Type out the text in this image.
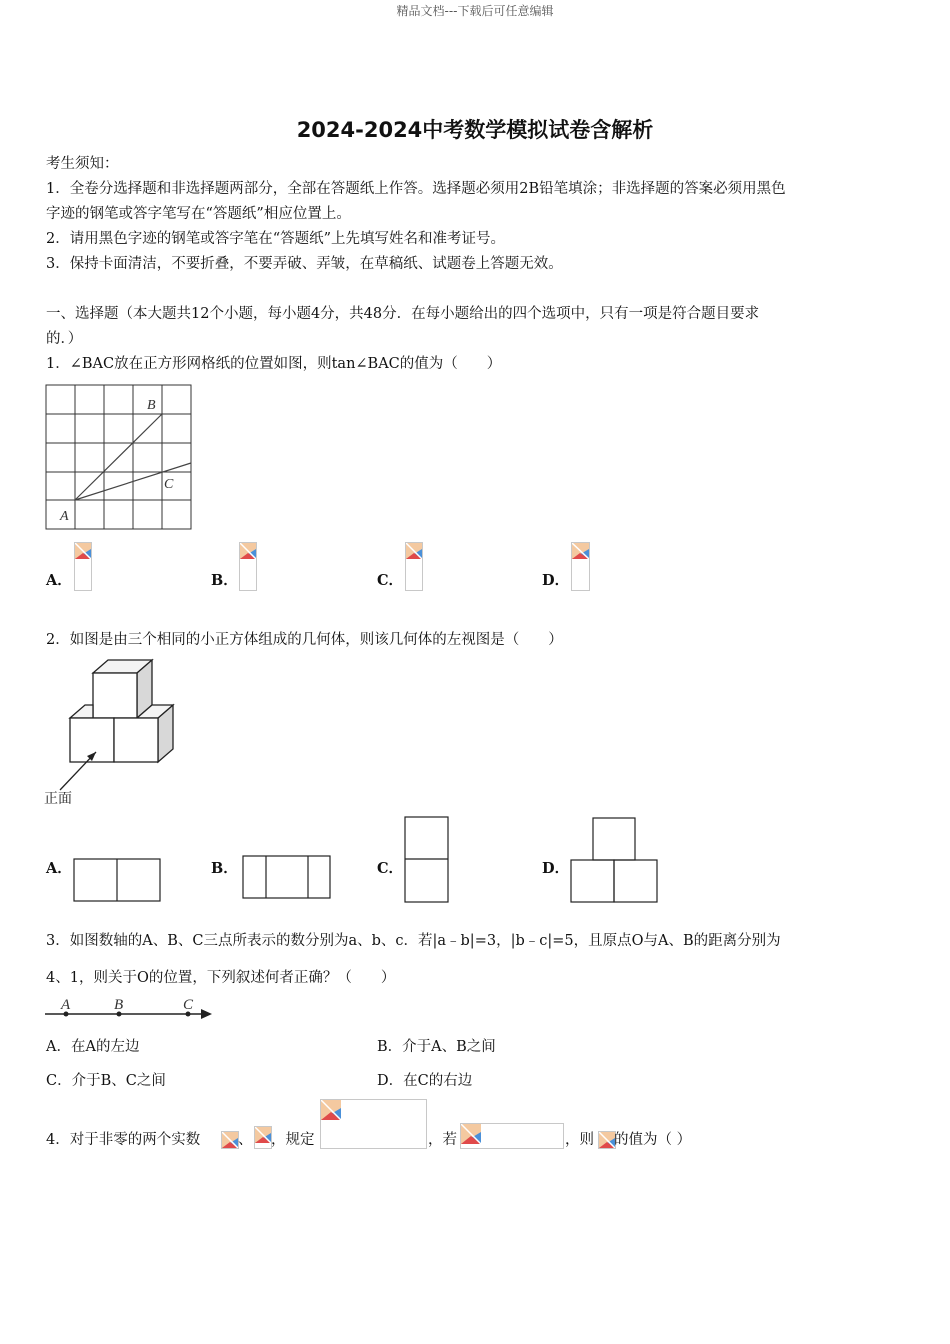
精品文档---下载后可任意编辑
2024-2024中考数学模拟试卷含解析
考生须知：
1．全卷分选择题和非选择题两部分，全部在答题纸上作答。选择题必须用2B铅笔填涂；非选择题的答案必须用黑色
字迹的钢笔或答字笔写在“答题纸”相应位置上。
2．请用黑色字迹的钢笔或答字笔在“答题纸”上先填写姓名和准考证号。
3．保持卡面清洁，不要折叠，不要弄破、弄皱，在草稿纸、试题卷上答题无效。
一、选择题（本大题共12个小题，每小题4分，共48分．在每小题给出的四个选项中，只有一项是符合题目要求
的．）
1．∠BAC放在正方形网格纸的位置如图，则tan∠BAC的值为（　　）
A
B
C
A．	B．	C．	D．
2．如图是由三个相同的小正方体组成的几何体，则该几何体的左视图是（　　）
正面
A．	B．	C．	D．
3．如图数轴的A、B、C三点所表示的数分别为a、b、c．若|a﹣b|=3，|b﹣c|=5，且原点O与A、B的距离分别为
4、1，则关于O的位置，下列叙述何者正确？（　　）
A	B	C
A．在A的左边	B．介于A、B之间
C．介于B、C之间	D．在C的右边
4．对于非零的两个实数	、 ，规定	，若	，则 的值为（ ）
